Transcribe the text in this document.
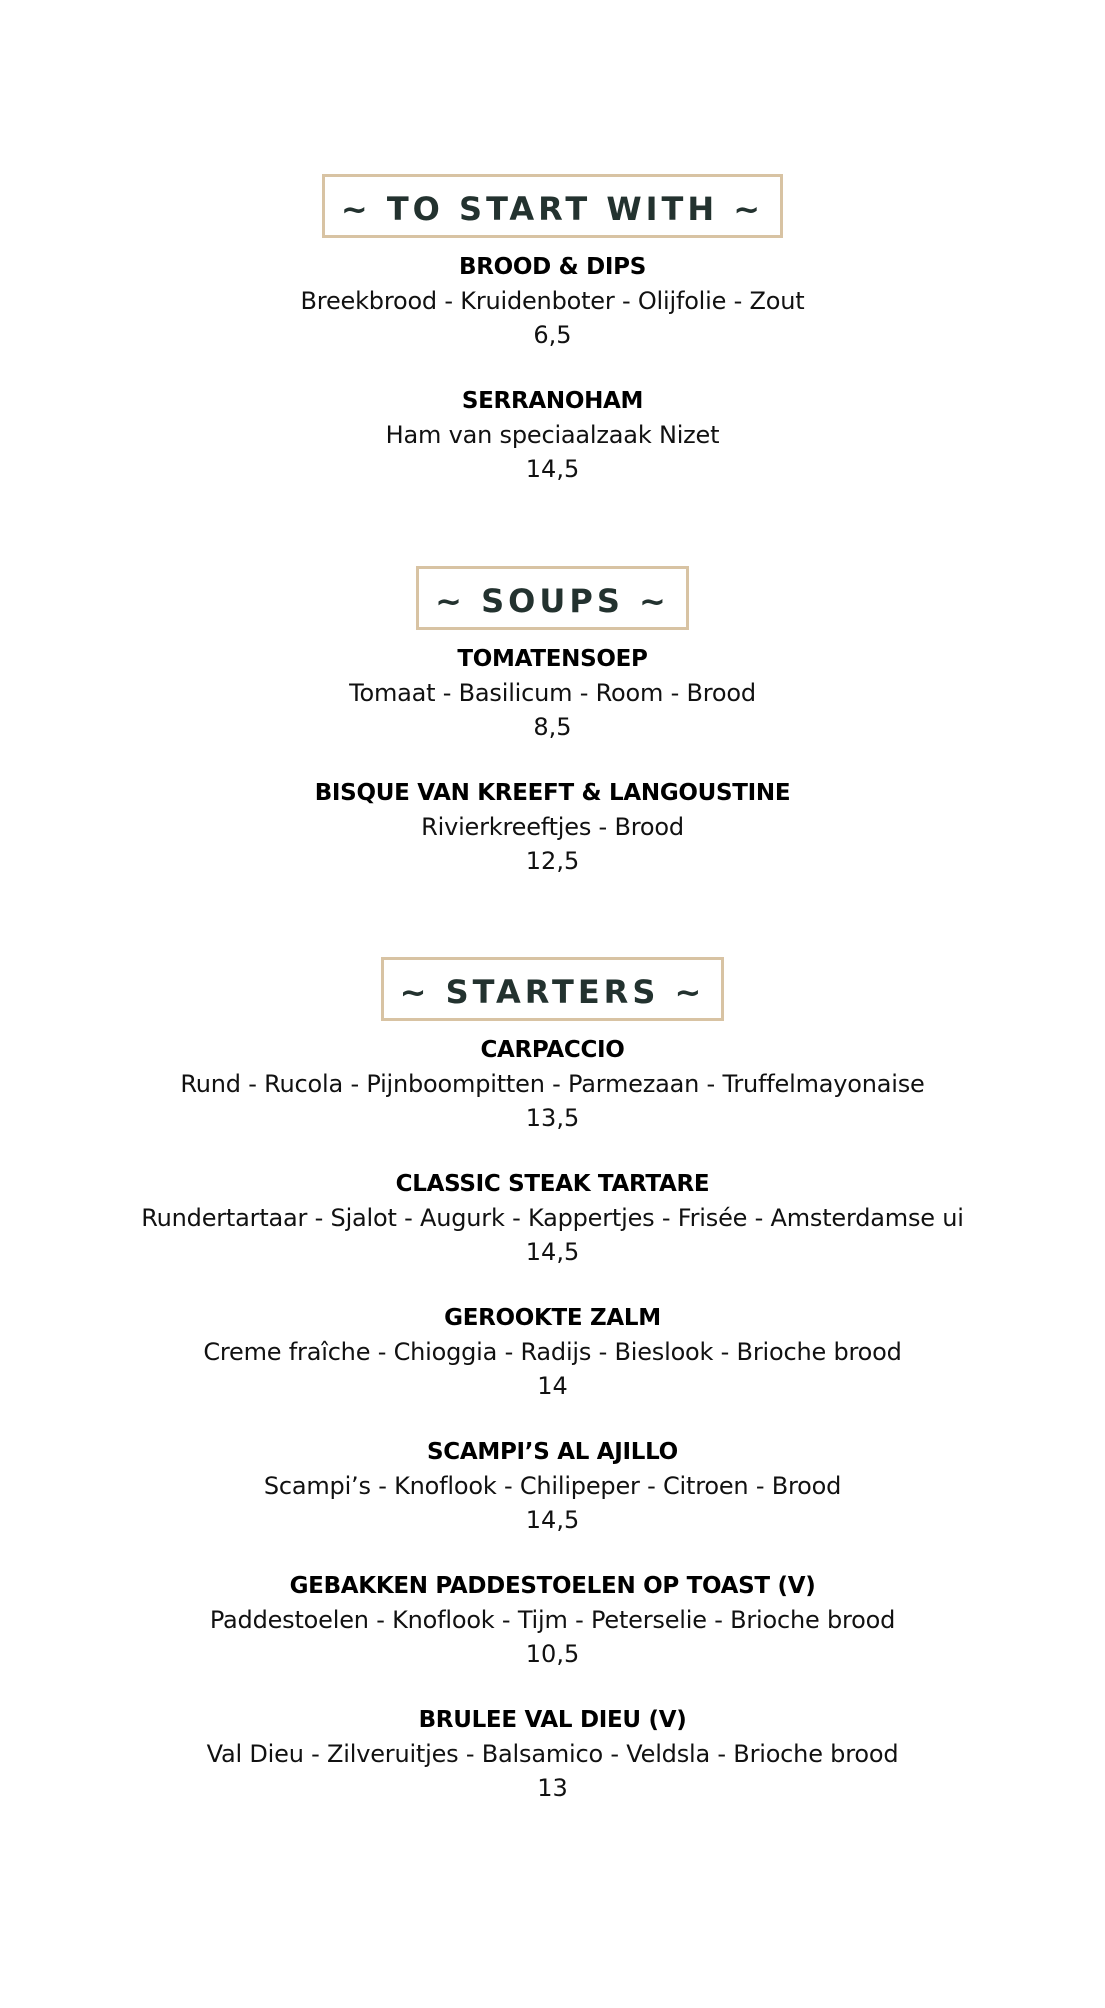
~ TO START WITH ~
BROOD & DIPS
Breekbrood - Kruidenboter - Olijfolie - Zout
6,5
SERRANOHAM
Ham van speciaalzaak Nizet
14,5
~ SOUPS ~
TOMATENSOEP
Tomaat - Basilicum - Room - Brood
8,5
BISQUE VAN KREEFT & LANGOUSTINE
Rivierkreeftjes - Brood
12,5
~ STARTERS ~
CARPACCIO
Rund - Rucola - Pijnboompitten - Parmezaan - Truffelmayonaise
13,5
CLASSIC STEAK TARTARE
Rundertartaar - Sjalot - Augurk - Kappertjes - Frisée - Amsterdamse ui
14,5
GEROOKTE ZALM
Creme fraîche - Chioggia - Radijs - Bieslook - Brioche brood
14
SCAMPI’S AL AJILLO
Scampi’s - Knoflook - Chilipeper - Citroen - Brood
14,5
GEBAKKEN PADDESTOELEN OP TOAST (V)
Paddestoelen - Knoflook - Tijm - Peterselie - Brioche brood
10,5
BRULEE VAL DIEU (V)
Val Dieu - Zilveruitjes - Balsamico - Veldsla - Brioche brood
13
